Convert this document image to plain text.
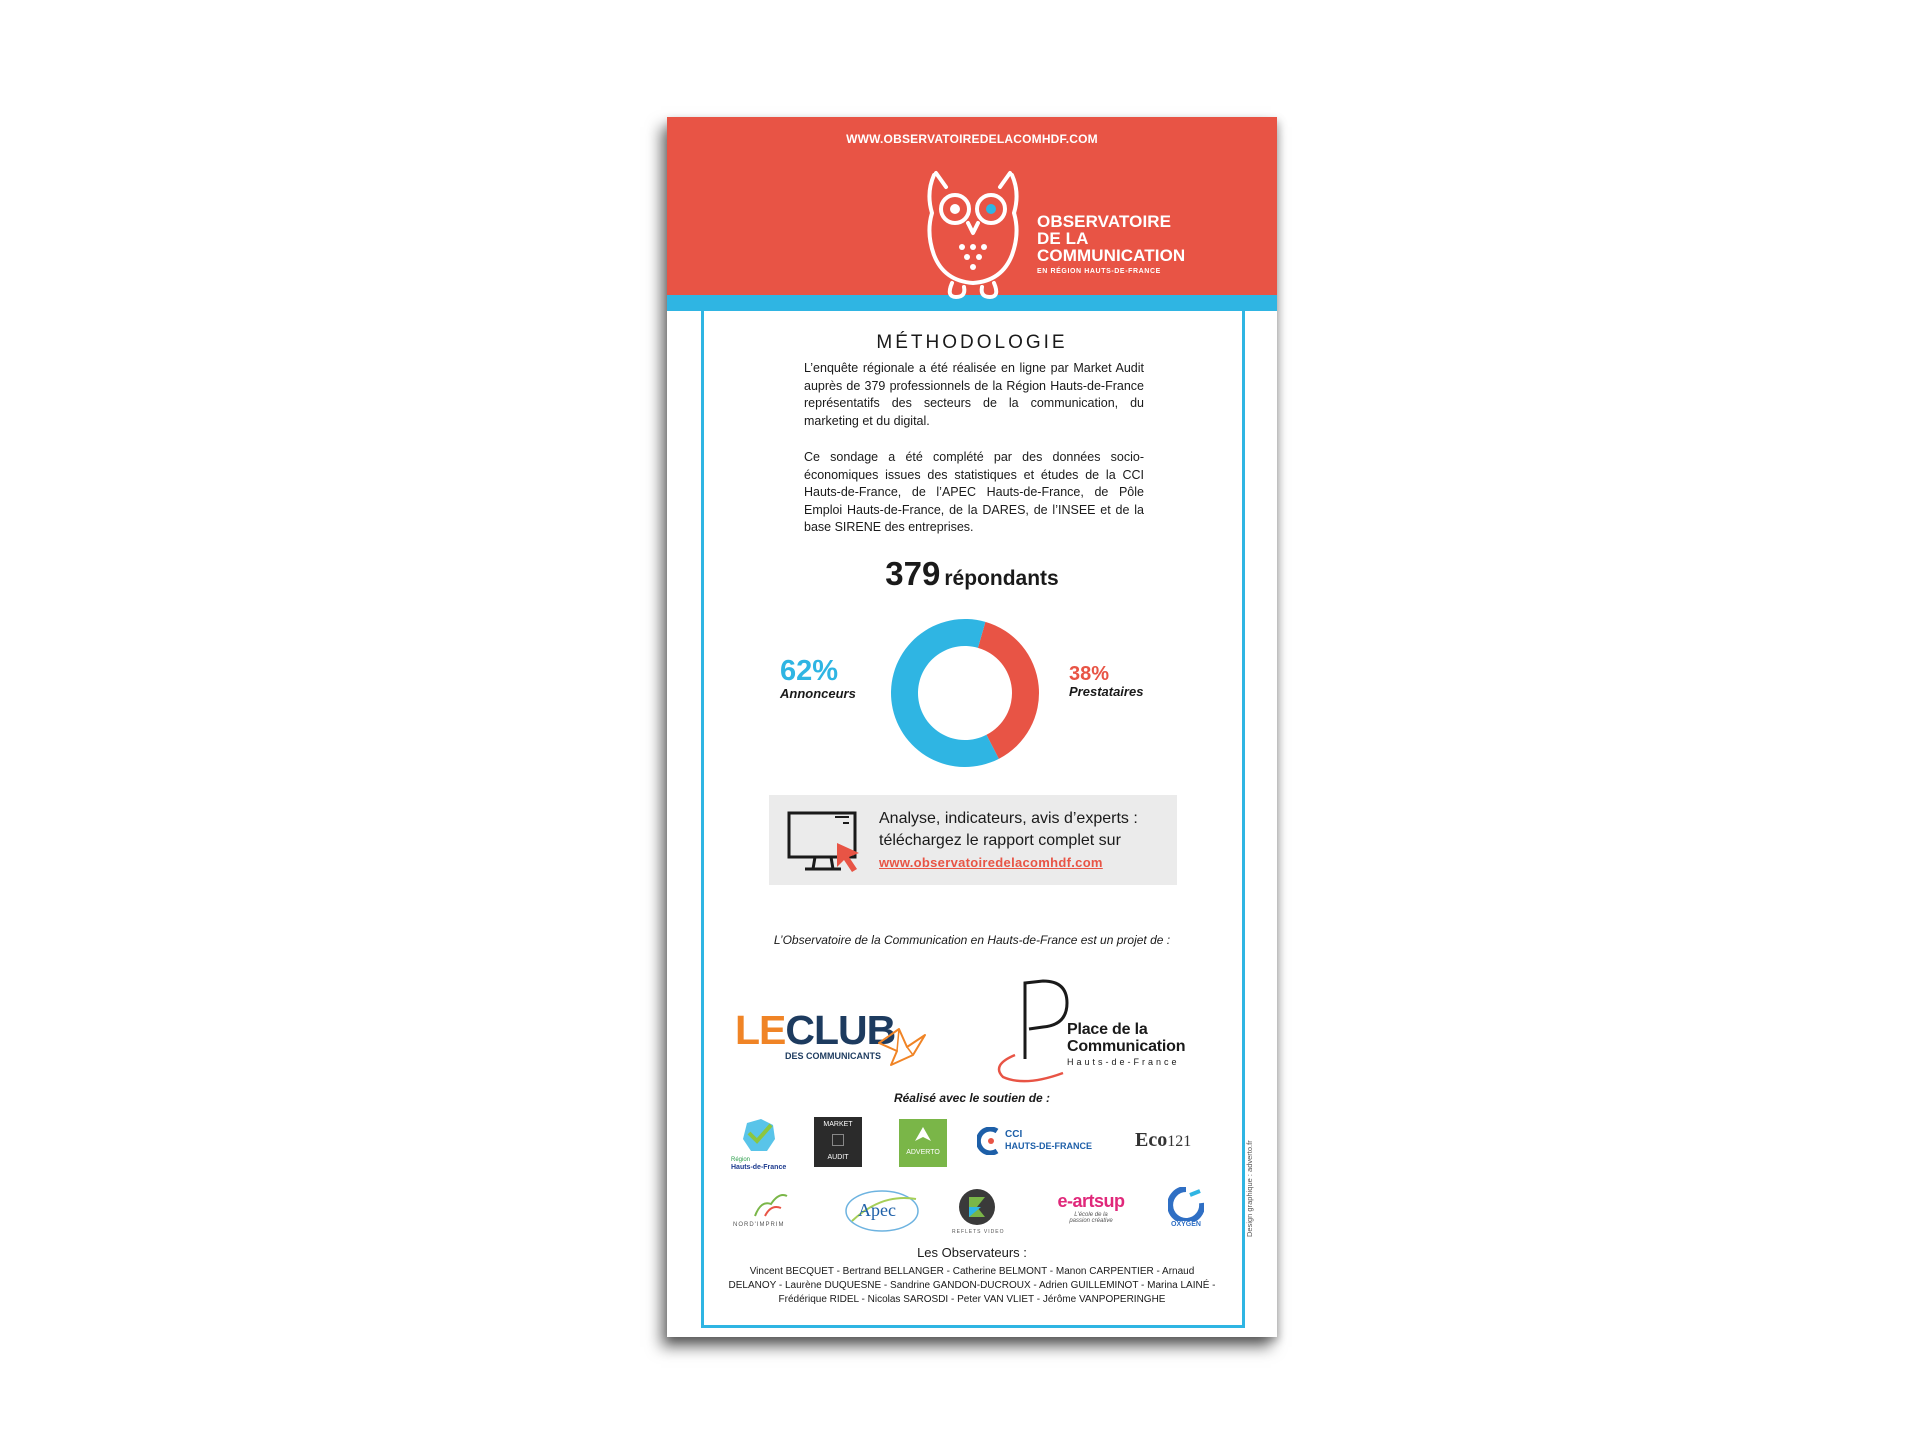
WWW.OBSERVATOIREDELACOMHDF.COM
OBSERVATOIRE
DE LA
COMMUNICATION
EN RÉGION HAUTS-DE-FRANCE
MÉTHODOLOGIE
L’enquête régionale a été réalisée en ligne par Market Audit auprès de 379 professionnels de la Région Hauts-de-France représentatifs des secteurs de la communication, du marketing et du digital.
Ce sondage a été complété par des données socio-économiques issues des statistiques et études de la CCI Hauts-de-France, de l’APEC Hauts-de-France, de Pôle Emploi Hauts-de-France, de la DARES, de l’INSEE et de la base SIRENE des entreprises.
379 répondants
62%
Annonceurs
38%
Prestataires
Analyse, indicateurs, avis d’experts :
téléchargez le rapport complet sur
www.observatoiredelacomhdf.com
L’Observatoire de la Communication en Hauts-de-France est un projet de :
LECLUB
DES COMMUNICANTS
Place de la
Communication
Hauts-de-France
Réalisé avec le soutien de :
Région
Hauts-de-France
MARKET
AUDIT
ADVERTO
CCI
HAUTS-DE-FRANCE Eco121
NORD'IMPRIM
Apec
REFLETS VIDEO
e-artsup
L'école de la
passion créative	OXYGEN
Les Observateurs :
Vincent BECQUET - Bertrand BELLANGER - Catherine BELMONT - Manon CARPENTIER - Arnaud DELANOY - Laurène DUQUESNE - Sandrine GANDON-DUCROUX - Adrien GUILLEMINOT - Marina LAINÉ - Frédérique RIDEL - Nicolas SAROSDI - Peter VAN VLIET - Jérôme VANPOPERINGHE
Design graphique : adverto.fr
